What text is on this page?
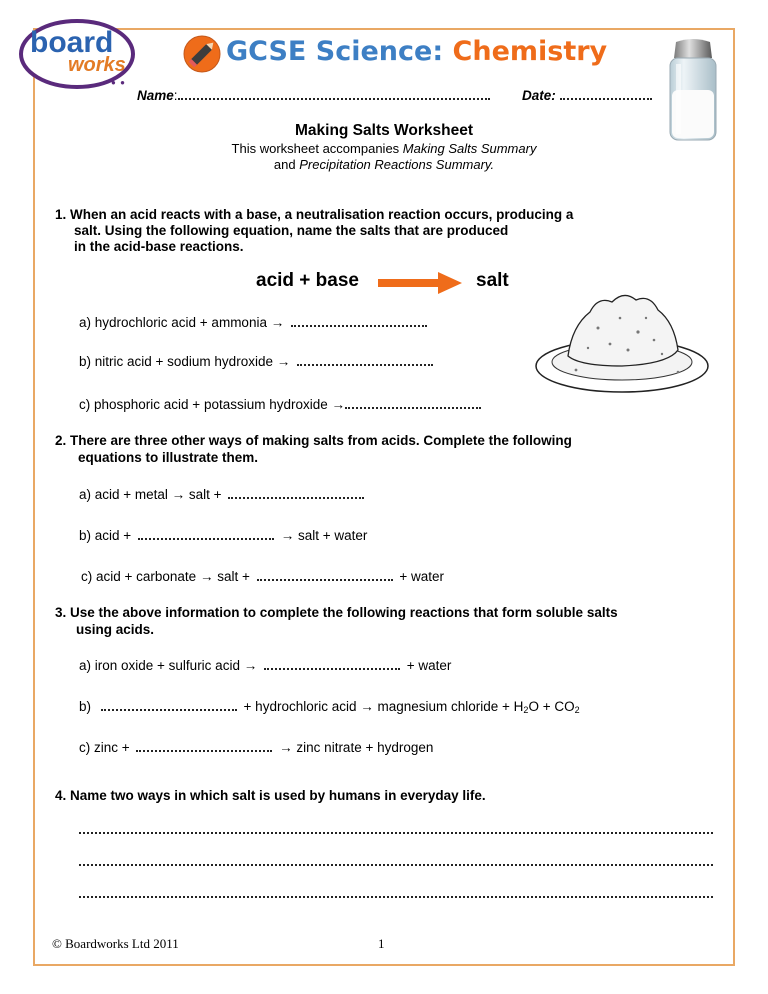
board
works
● ● ●
GCSE Science: Chemistry
Name:	Date:
Making Salts Worksheet
This worksheet accompanies Making Salts Summary
and Precipitation Reactions Summary.
1. When an acid reacts with a base, a neutralisation reaction occurs, producing a
salt. Using the following equation, name the salts that are produced
in the acid-base reactions.
acid + base	salt
a) hydrochloric acid + ammonia →
b) nitric acid + sodium hydroxide →
c) phosphoric acid + potassium hydroxide →
2. There are three other ways of making salts from acids. Complete the following
equations to illustrate them.
a) acid + metal → salt +
b) acid +	→ salt + water
c) acid + carbonate → salt +	+ water
3. Use the above information to complete the following reactions that form soluble salts
using acids.
a) iron oxide + sulfuric acid →	+ water
b)	+ hydrochloric acid → magnesium chloride + $H_2O + CO_2$
c) zinc +	→ zinc nitrate + hydrogen
4. Name two ways in which salt is used by humans in everyday life.
© Boardworks Ltd 2011	1
